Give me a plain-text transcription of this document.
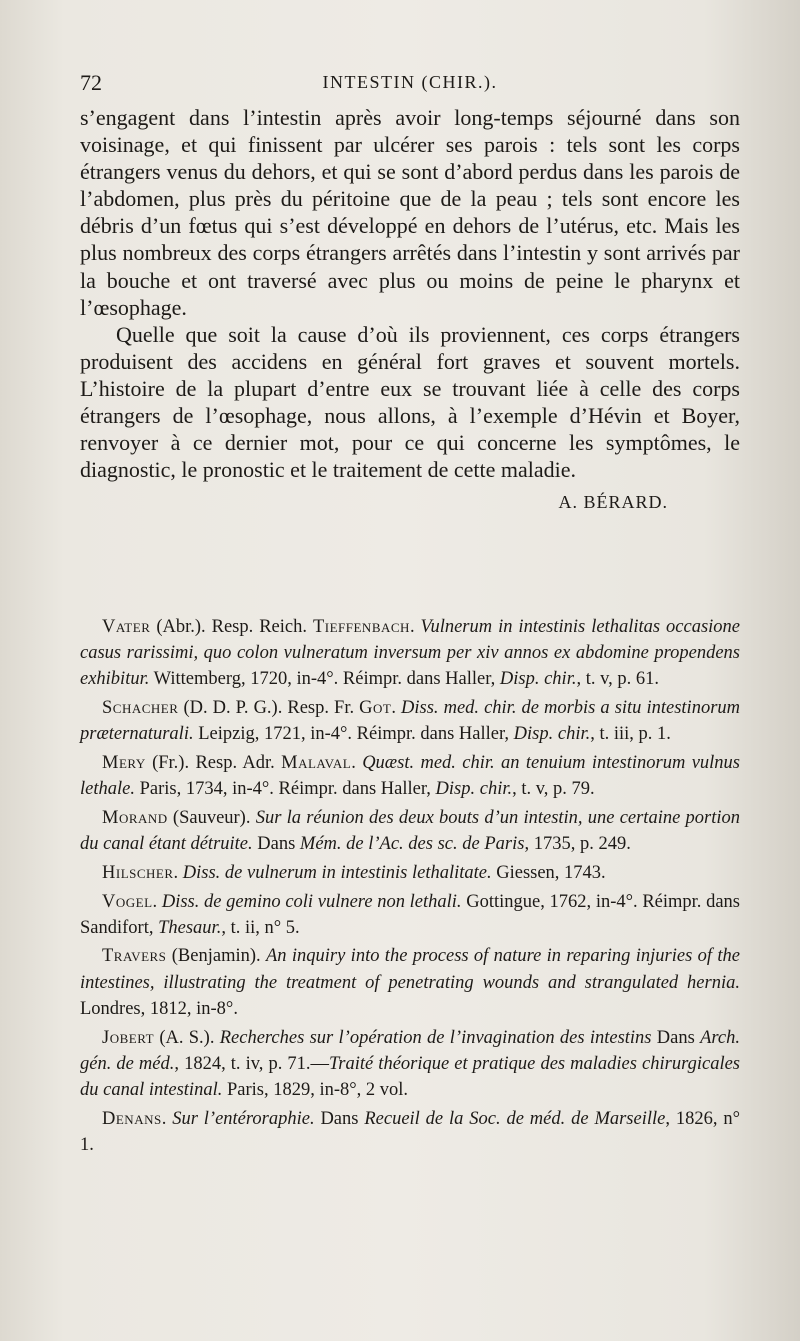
72	INTESTIN (CHIR.).

s’engagent dans l’intestin après avoir long-temps séjourné dans son voisinage, et qui finissent par ulcérer ses parois : tels sont les corps étrangers venus du dehors, et qui se sont d’abord perdus dans les parois de l’abdomen, plus près du péritoine que de la peau ; tels sont encore les débris d’un fœtus qui s’est développé en dehors de l’utérus, etc. Mais les plus nombreux des corps étrangers arrêtés dans l’intestin y sont arrivés par la bouche et ont traversé avec plus ou moins de peine le pharynx et l’œsophage.

Quelle que soit la cause d’où ils proviennent, ces corps étrangers produisent des accidens en général fort graves et souvent mortels. L’histoire de la plupart d’entre eux se trouvant liée à celle des corps étrangers de l’œsophage, nous allons, à l’exemple d’Hévin et Boyer, renvoyer à ce dernier mot, pour ce qui concerne les symptômes, le diagnostic, le pronostic et le traitement de cette maladie.

A. BÉRARD.

Vater (Abr.). Resp. Reich. Tieffenbach. Vulnerum in intestinis lethalitas occasione casus rarissimi, quo colon vulneratum inversum per xiv annos ex abdomine propendens exhibitur. Wittemberg, 1720, in-4°. Réimpr. dans Haller, Disp. chir., t. v, p. 61.

Schacher (D. D. P. G.). Resp. Fr. Got. Diss. med. chir. de morbis a situ intestinorum præternaturali. Leipzig, 1721, in-4°. Réimpr. dans Haller, Disp. chir., t. iii, p. 1.

Mery (Fr.). Resp. Adr. Malaval. Quæst. med. chir. an tenuium intestinorum vulnus lethale. Paris, 1734, in-4°. Réimpr. dans Haller, Disp. chir., t. v, p. 79.

Morand (Sauveur). Sur la réunion des deux bouts d’un intestin, une certaine portion du canal étant détruite. Dans Mém. de l’Ac. des sc. de Paris, 1735, p. 249.

Hilscher. Diss. de vulnerum in intestinis lethalitate. Giessen, 1743.

Vogel. Diss. de gemino coli vulnere non lethali. Gottingue, 1762, in-4°. Réimpr. dans Sandifort, Thesaur., t. ii, n° 5.

Travers (Benjamin). An inquiry into the process of nature in reparing injuries of the intestines, illustrating the treatment of penetrating wounds and strangulated hernia. Londres, 1812, in-8°.

Jobert (A. S.). Recherches sur l’opération de l’invagination des intestins Dans Arch. gén. de méd., 1824, t. iv, p. 71.—Traité théorique et pratique des maladies chirurgicales du canal intestinal. Paris, 1829, in-8°, 2 vol.

Denans. Sur l’entéroraphie. Dans Recueil de la Soc. de méd. de Marseille, 1826, n° 1.
